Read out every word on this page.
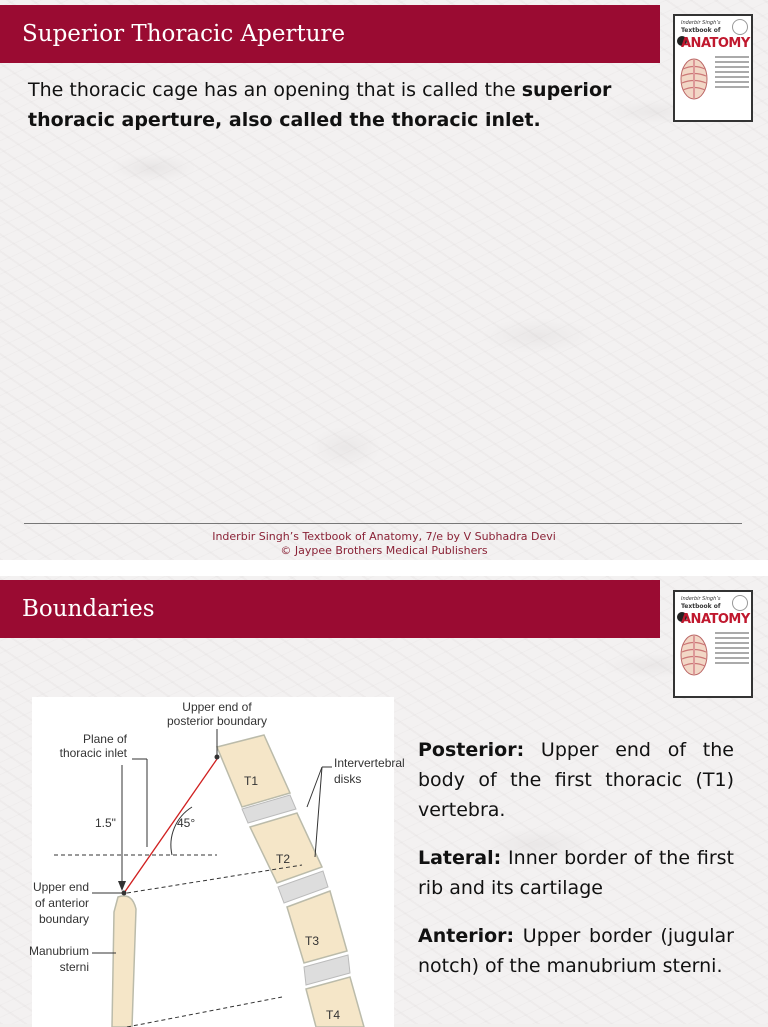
Superior Thoracic Aperture	Inderbir Singh’s
Textbook of
ANATOMY
The thoracic cage has an opening that is called the superior thoracic aperture, also called the thoracic inlet.
Inderbir Singh’s Textbook of Anatomy, 7/e by V Subhadra Devi
© Jaypee Brothers Medical Publishers
Boundaries	Inderbir Singh’s
Textbook of
ANATOMY
Upper end of
posterior boundary
Plane of
thoracic inlet
45°
1.5"
Upper end
of anterior
boundary
Manubrium
sterni
Intervertebral
disks
T1
T2
T3
T4
Posterior: Upper end of the body of the first thoracic (T1) vertebra.
Lateral: Inner border of the first rib and its cartilage
Anterior: Upper border (jugular notch) of the manubrium sterni.
